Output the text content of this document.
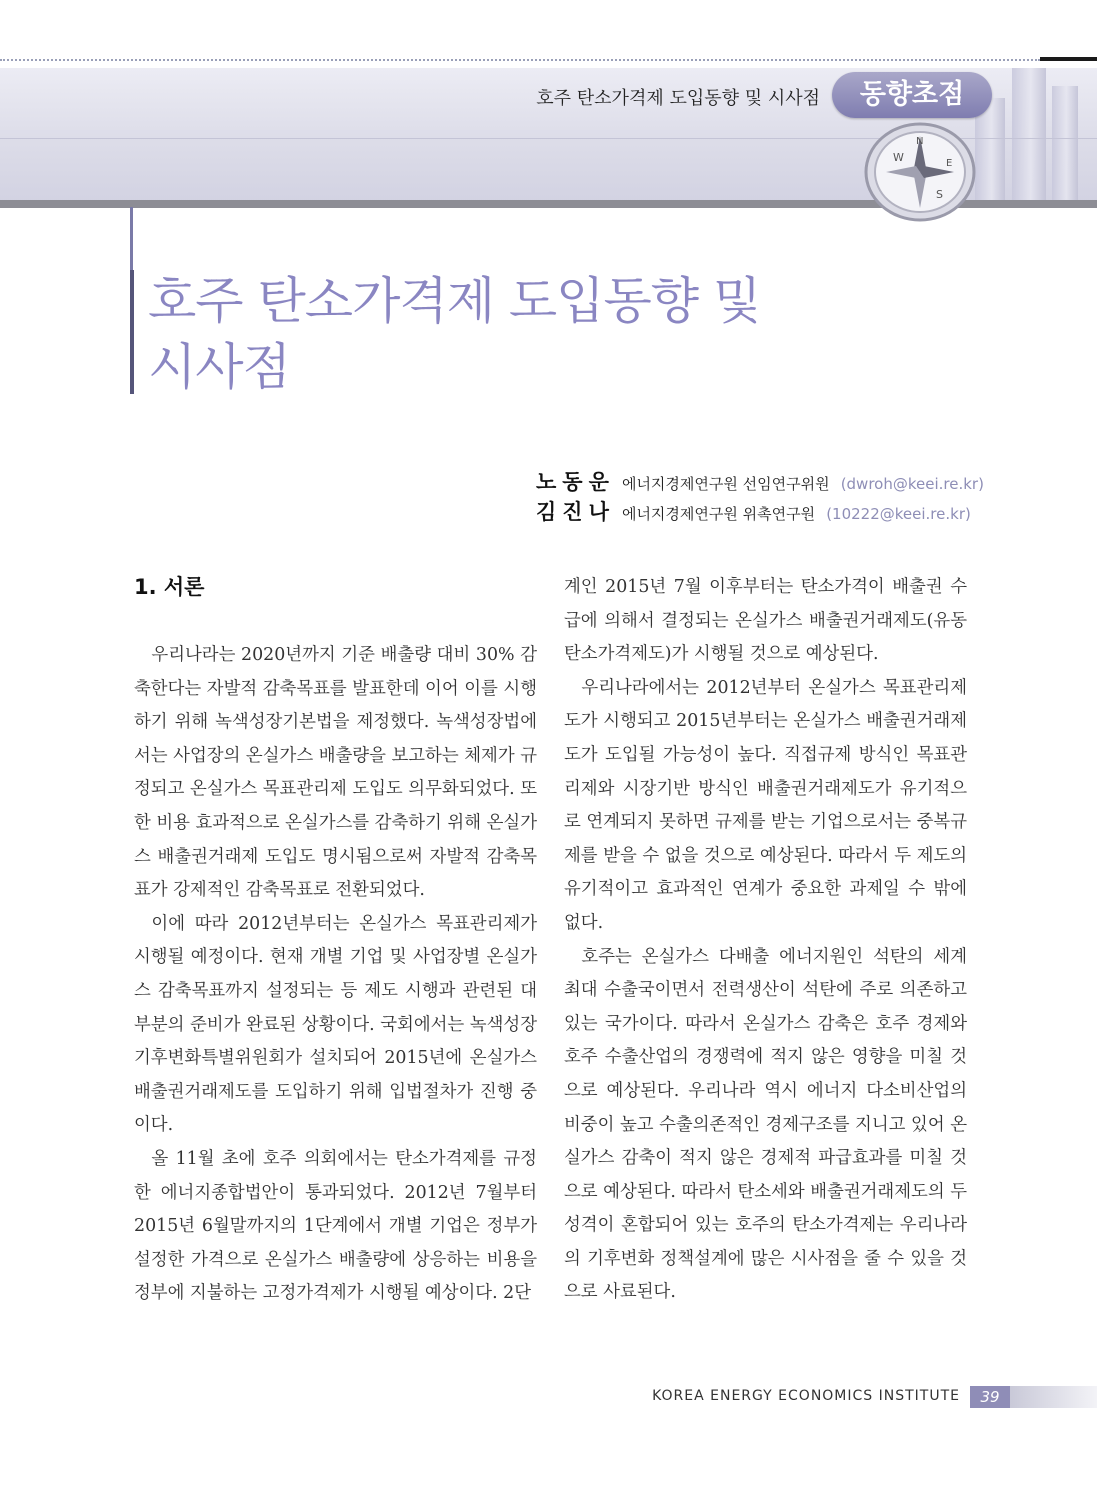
호주 탄소가격제 도입동향 및 시사점	동향초점
W
N
E
S
호주 탄소가격제 도입동향 및 시사점
노동운 에너지경제연구원 선임연구위원 (dwroh@keei.re.kr)
김진나 에너지경제연구원 위촉연구원 (10222@keei.re.kr)
1. 서론

우리나라는 2020년까지 기준 배출량 대비 30% 감축한다는 자발적 감축목표를 발표한데 이어 이를 시행하기 위해 녹색성장기본법을 제정했다. 녹색성장법에서는 사업장의 온실가스 배출량을 보고하는 체제가 규정되고 온실가스 목표관리제 도입도 의무화되었다. 또한 비용 효과적으로 온실가스를 감축하기 위해 온실가스 배출권거래제 도입도 명시됨으로써 자발적 감축목표가 강제적인 감축목표로 전환되었다.

이에 따라 2012년부터는 온실가스 목표관리제가 시행될 예정이다. 현재 개별 기업 및 사업장별 온실가스 감축목표까지 설정되는 등 제도 시행과 관련된 대부분의 준비가 완료된 상황이다. 국회에서는 녹색성장기후변화특별위원회가 설치되어 2015년에 온실가스 배출권거래제도를 도입하기 위해 입법절차가 진행 중이다.

올 11월 초에 호주 의회에서는 탄소가격제를 규정한 에너지종합법안이 통과되었다. 2012년 7월부터 2015년 6월말까지의 1단계에서 개별 기업은 정부가 설정한 가격으로 온실가스 배출량에 상응하는 비용을 정부에 지불하는 고정가격제가 시행될 예상이다. 2단

계인 2015년 7월 이후부터는 탄소가격이 배출권 수급에 의해서 결정되는 온실가스 배출권거래제도(유동탄소가격제도)가 시행될 것으로 예상된다.

우리나라에서는 2012년부터 온실가스 목표관리제도가 시행되고 2015년부터는 온실가스 배출권거래제도가 도입될 가능성이 높다. 직접규제 방식인 목표관리제와 시장기반 방식인 배출권거래제도가 유기적으로 연계되지 못하면 규제를 받는 기업으로서는 중복규제를 받을 수 없을 것으로 예상된다. 따라서 두 제도의 유기적이고 효과적인 연계가 중요한 과제일 수 밖에 없다.

호주는 온실가스 다배출 에너지원인 석탄의 세계 최대 수출국이면서 전력생산이 석탄에 주로 의존하고 있는 국가이다. 따라서 온실가스 감축은 호주 경제와 호주 수출산업의 경쟁력에 적지 않은 영향을 미칠 것으로 예상된다. 우리나라 역시 에너지 다소비산업의 비중이 높고 수출의존적인 경제구조를 지니고 있어 온실가스 감축이 적지 않은 경제적 파급효과를 미칠 것으로 예상된다. 따라서 탄소세와 배출권거래제도의 두 성격이 혼합되어 있는 호주의 탄소가격제는 우리나라의 기후변화 정책설계에 많은 시사점을 줄 수 있을 것으로 사료된다.

KOREA ENERGY ECONOMICS INSTITUTE	39
